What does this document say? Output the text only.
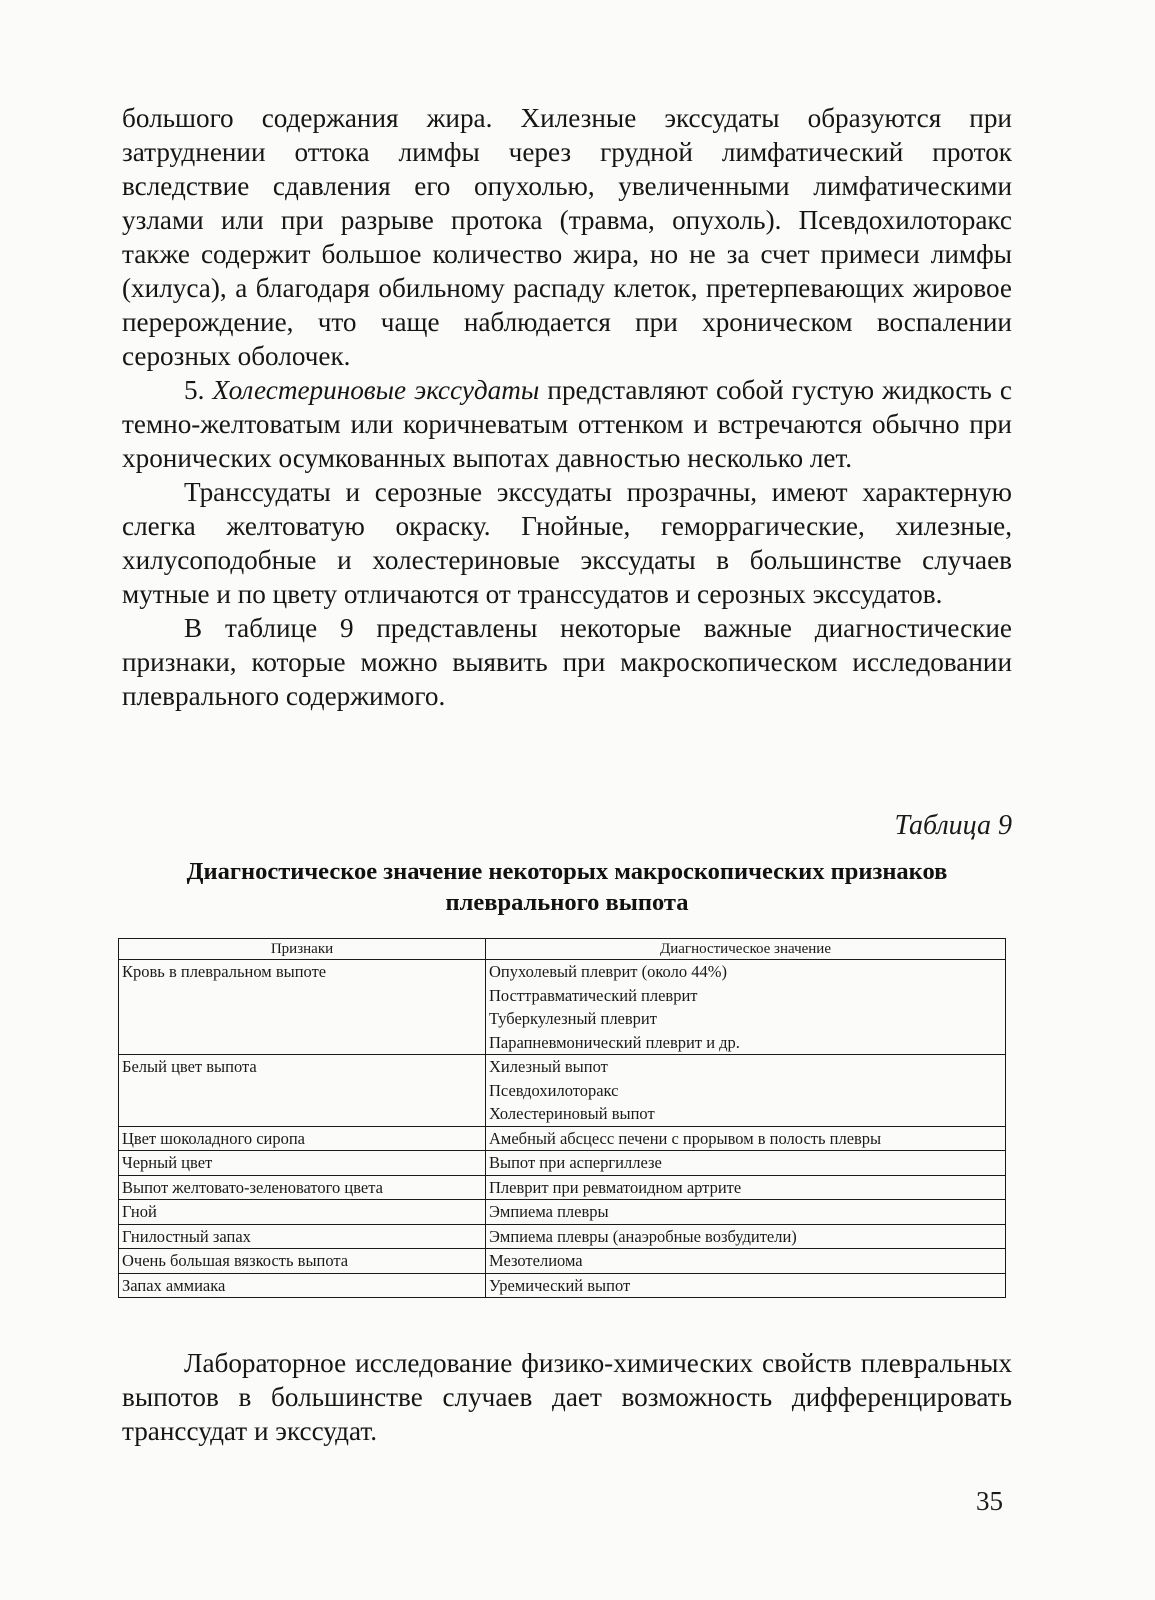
большого содержания жира. Хилезные экссудаты образуются при затруднении оттока лимфы через грудной лимфатический проток вследствие сдавления его опухолью, увеличенными лимфатическими узлами или при разрыве протока (травма, опухоль). Псевдохилоторакс также содержит большое количество жира, но не за счет примеси лимфы (хилуса), а благодаря обильному распаду клеток, претерпевающих жировое перерождение, что чаще наблюдается при хроническом воспалении серозных оболочек.

5. Холестериновые экссудаты представляют собой густую жидкость с темно-желтоватым или коричневатым оттенком и встречаются обычно при хронических осумкованных выпотах давностью несколько лет.

Транссудаты и серозные экссудаты прозрачны, имеют характерную слегка желтоватую окраску. Гнойные, геморрагические, хилезные, хилусоподобные и холестериновые экссудаты в большинстве случаев мутные и по цвету отличаются от транссудатов и серозных экссудатов.

В таблице 9 представлены некоторые важные диагностические признаки, которые можно выявить при макроскопическом исследовании плеврального содержимого.

Таблица 9
Диагностическое значение некоторых макроскопических признаков плеврального выпота
Признаки	Диагностическое значение
Кровь в плевральном выпоте	Опухолевый плеврит (около 44%)
Посттравматический плеврит
Туберкулезный плеврит
Парапневмонический плеврит и др.

Белый цвет выпота	Хилезный выпот
Псевдохилоторакс
Холестериновый выпот

Цвет шоколадного сиропа	Амебный абсцесс печени с прорывом в полость плевры
Черный цвет	Выпот при аспергиллезе
Выпот желтовато-зеленоватого цвета	Плеврит при ревматоидном артрите
Гной	Эмпиема плевры
Гнилостный запах	Эмпиема плевры (анаэробные возбудители)
Очень большая вязкость выпота	Мезотелиома
Запах аммиака	Уремический выпот

Лабораторное исследование физико-химических свойств плевральных выпотов в большинстве случаев дает возможность дифференцировать транссудат и экссудат.

35
